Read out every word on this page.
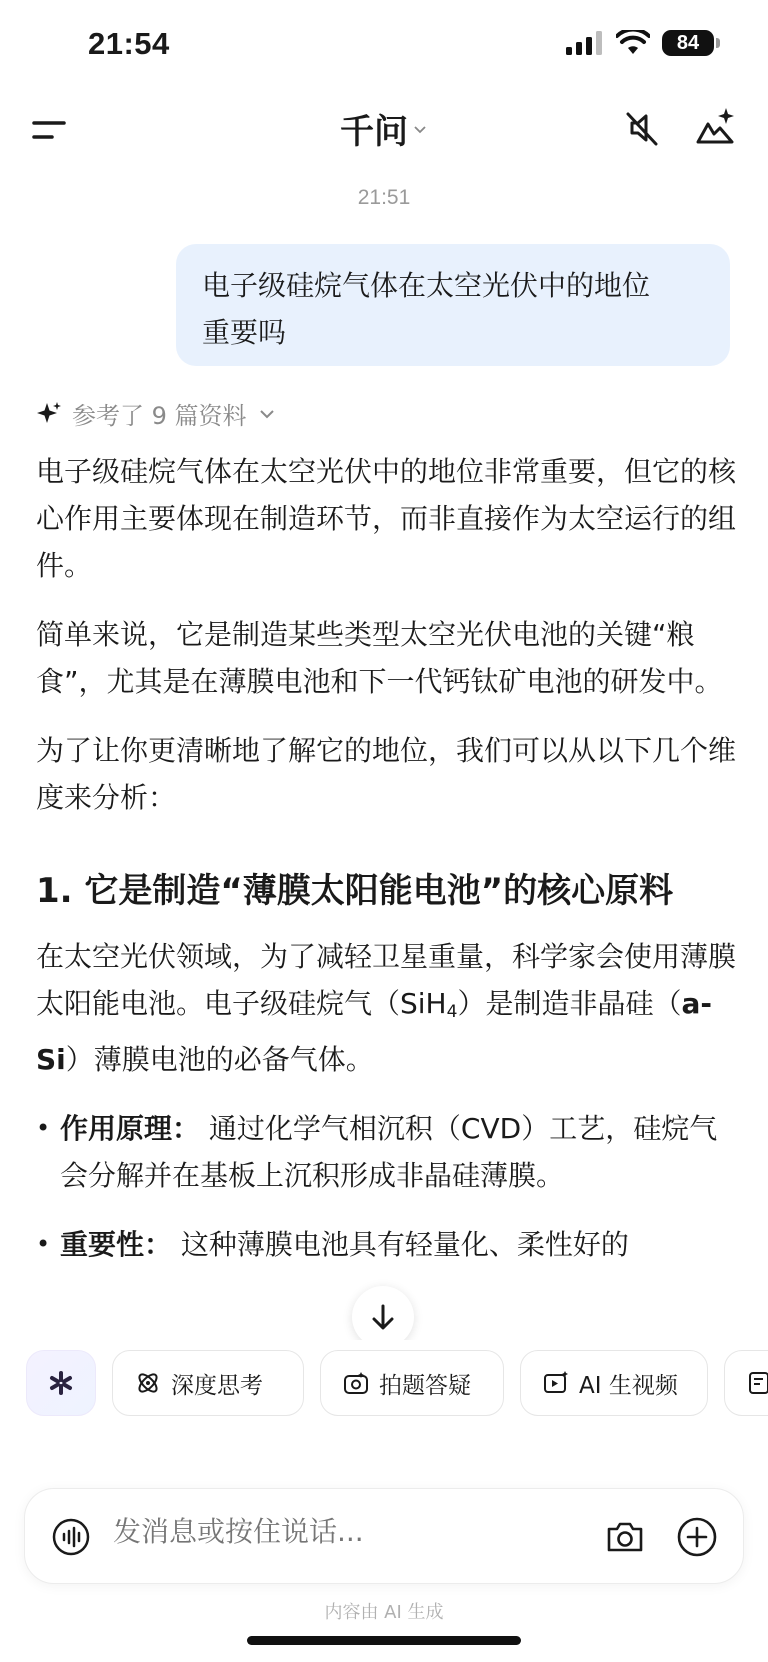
21:54	84
千问
21:51
电子级硅烷气体在太空光伏中的地位
重要吗
参考了 9 篇资料

电子级硅烷气体在太空光伏中的地位非常重要，但它的核心作用主要体现在制造环节，而非直接作为太空运行的组件。

简单来说，它是制造某些类型太空光伏电池的关键“粮食”，尤其是在薄膜电池和下一代钙钛矿电池的研发中。

为了让你更清晰地了解它的地位，我们可以从以下几个维度来分析：

1. 它是制造“薄膜太阳能电池”的核心原料

在太空光伏领域，为了减轻卫星重量，科学家会使用薄膜太阳能电池。电子级硅烷气（SiH$_4$）是制造非晶硅（a-Si）薄膜电池的必备气体。

• 作用原理： 通过化学气相沉积（CVD）工艺，硅烷气会分解并在基板上沉积形成非晶硅薄膜。
• 重要性： 这种薄膜电池具有轻量化、柔性好的
深度思考	拍题答疑	AI 生视频
发消息或按住说话...
内容由 AI 生成
